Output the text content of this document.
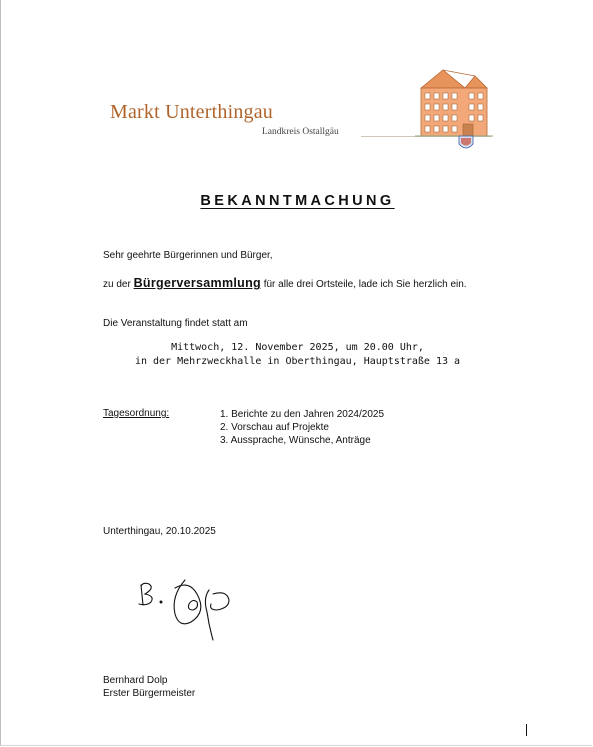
Markt Unterthingau
Landkreis Ostallgäu
BEKANNTMACHUNG
Sehr geehrte Bürgerinnen und Bürger,
zu der Bürgerversammlung für alle drei Ortsteile, lade ich Sie herzlich ein.
Die Veranstaltung findet statt am
Mittwoch, 12. November 2025, um 20.00 Uhr,
in der Mehrzweckhalle in Oberthingau, Hauptstraße 13 a
Tagesordnung:	1. Berichte zu den Jahren 2024/2025
2. Vorschau auf Projekte
3. Aussprache, Wünsche, Anträge
Unterthingau, 20.10.2025
Bernhard Dolp
Erster Bürgermeister
